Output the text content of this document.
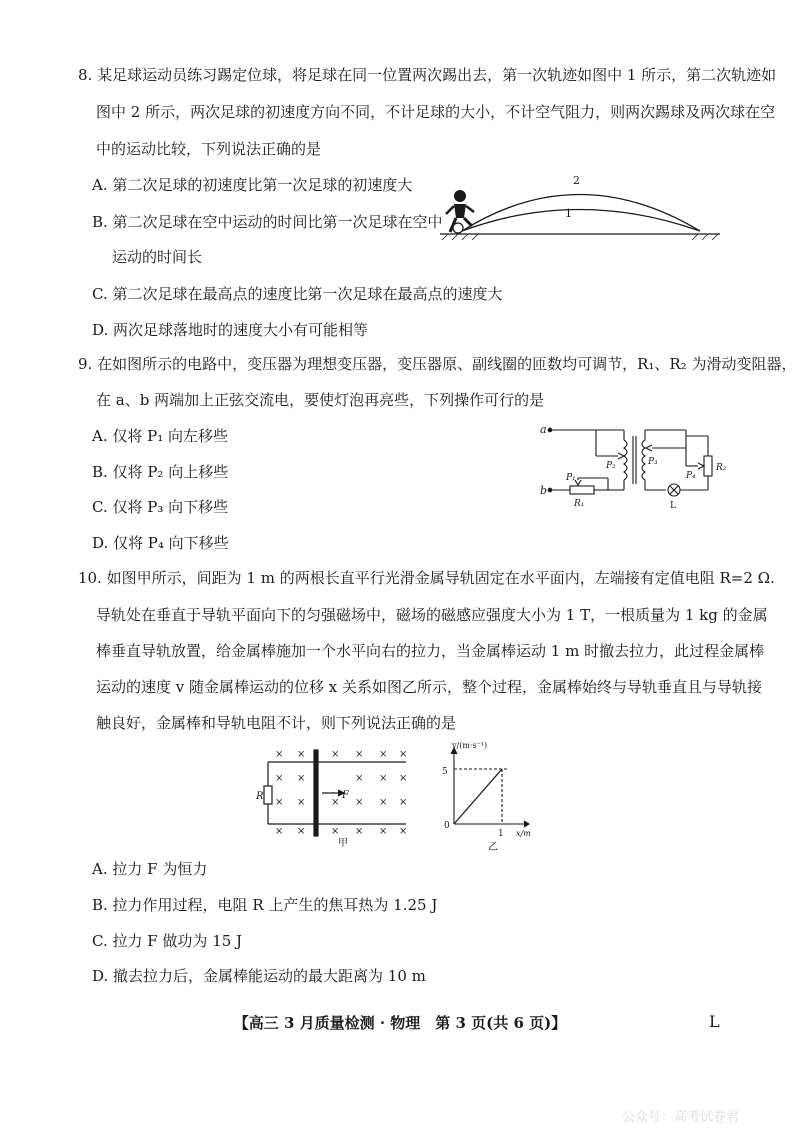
8. 某足球运动员练习踢定位球，将足球在同一位置两次踢出去，第一次轨迹如图中 1 所示，第二次轨迹如
图中 2 所示，两次足球的初速度方向不同，不计足球的大小，不计空气阻力，则两次踢球及两次球在空
中的运动比较，下列说法正确的是
A. 第二次足球的初速度比第一次足球的初速度大
B. 第二次足球在空中运动的时间比第一次足球在空中
运动的时间长
C. 第二次足球在最高点的速度比第一次足球在最高点的速度大
D. 两次足球落地时的速度大小有可能相等
2
1
9. 在如图所示的电路中，变压器为理想变压器，变压器原、副线圈的匝数均可调节，R₁、R₂ 为滑动变阻器，
在 a、b 两端加上正弦交流电，要使灯泡再亮些，下列操作可行的是
A. 仅将 P₁ 向左移些
B. 仅将 P₂ 向上移些
C. 仅将 P₃ 向下移些
D. 仅将 P₄ 向下移些
a
b
P₁
R₁
P₂	P₃
P₄
R₂
L
10. 如图甲所示，间距为 1 m 的两根长直平行光滑金属导轨固定在水平面内，左端接有定值电阻 R=2 Ω.
导轨处在垂直于导轨平面向下的匀强磁场中，磁场的磁感应强度大小为 1 T，一根质量为 1 kg 的金属
棒垂直导轨放置，给金属棒施加一个水平向右的拉力，当金属棒运动 1 m 时撤去拉力，此过程金属棒
运动的速度 v 随金属棒运动的位移 x 关系如图乙所示，整个过程，金属棒始终与导轨垂直且与导轨接
触良好，金属棒和导轨电阻不计，则下列说法正确的是
R	F
× ×	× × × ×
× ×	× × ×
× ×	× × × ×
× ×	× × × ×
甲
v/(m·s⁻¹)
5
0
1 x/m
乙
A. 拉力 F 为恒力
B. 拉力作用过程，电阻 R 上产生的焦耳热为 1.25 J
C. 拉力 F 做功为 15 J
D. 撤去拉力后，金属棒能运动的最大距离为 10 m
【高三 3 月质量检测 · 物理　第 3 页(共 6 页)】	L
公众号：高考试卷君
